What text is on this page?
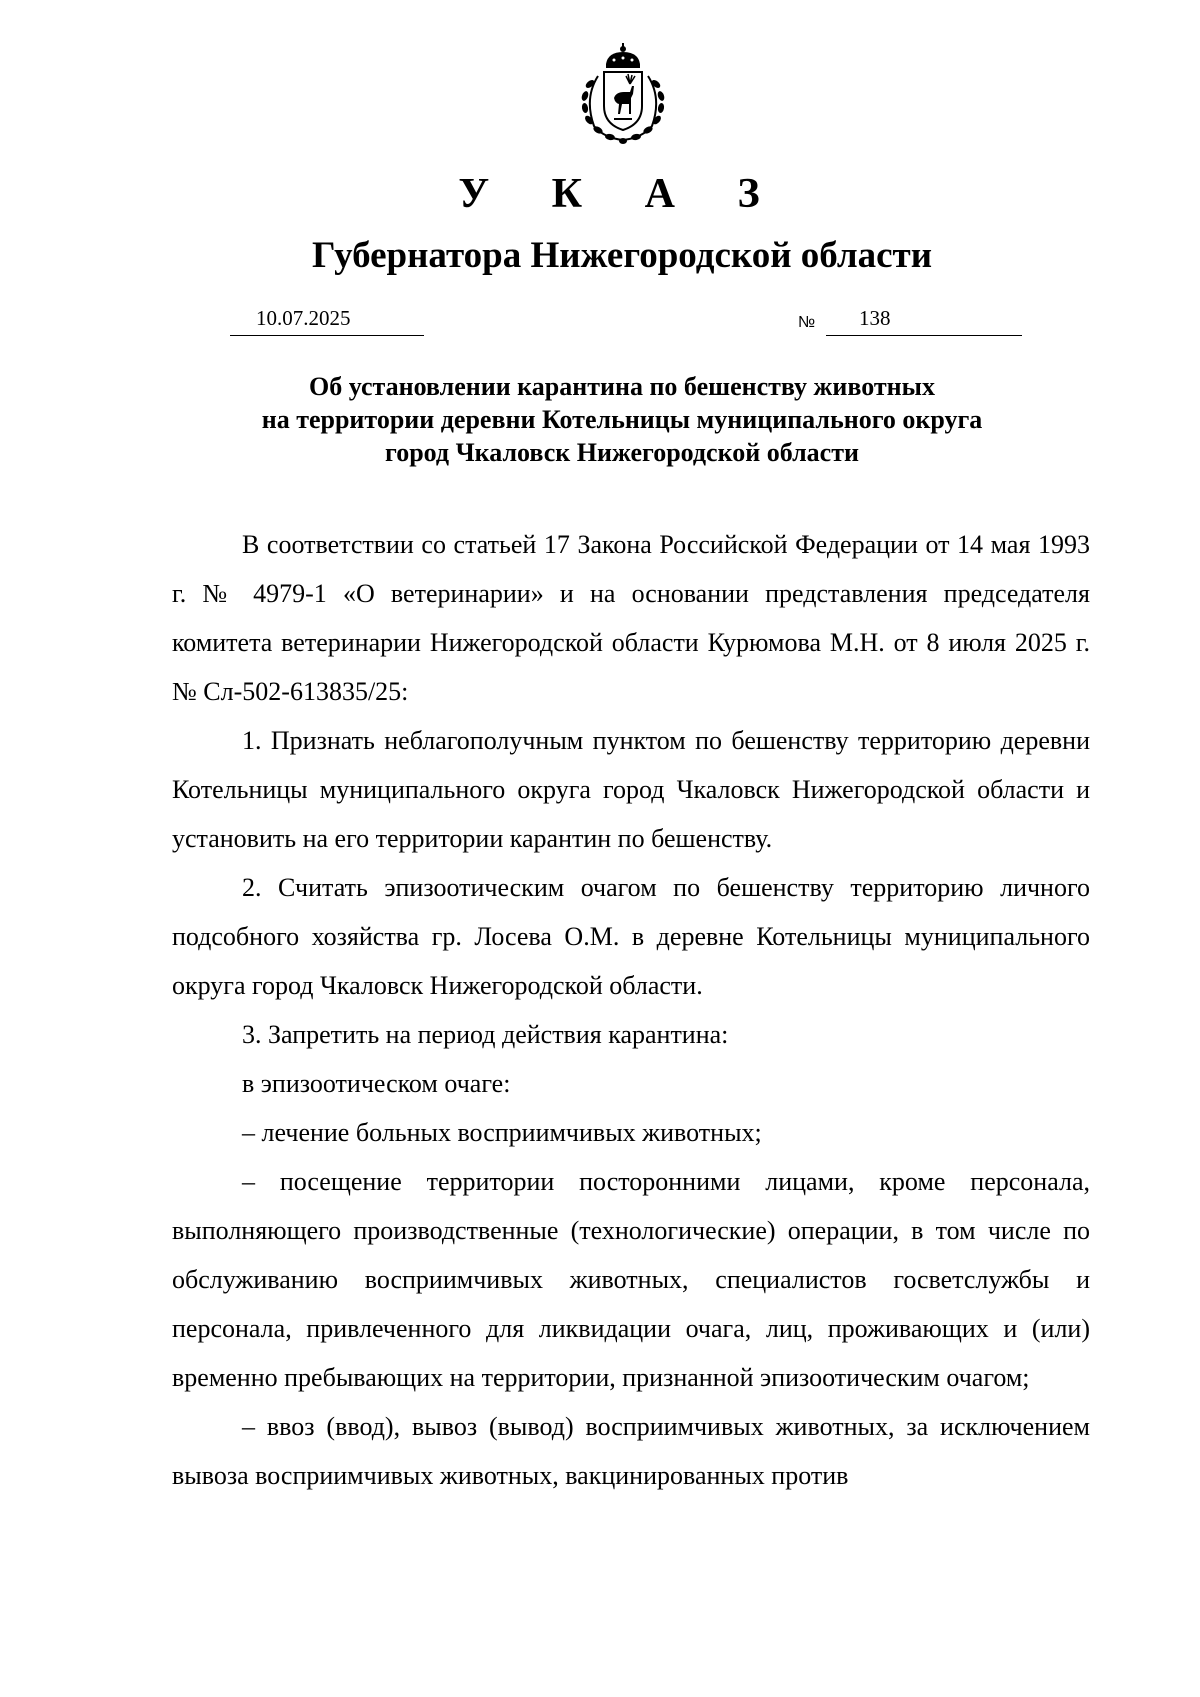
У К А З
Губернатора Нижегородской области
10.07.2025	№ 138
Об установлении карантина по бешенству животных
на территории деревни Котельницы муниципального округа
город Чкаловск Нижегородской области

В соответствии со статьей 17 Закона Российской Федерации от 14 мая 1993 г. № 4979-1 «О ветеринарии» и на основании представления председателя комитета ветеринарии Нижегородской области Курюмова М.Н. от 8 июля 2025 г. № Сл-502-613835/25:

1. Признать неблагополучным пунктом по бешенству территорию деревни Котельницы муниципального округа город Чкаловск Нижегородской области и установить на его территории карантин по бешенству.

2. Считать эпизоотическим очагом по бешенству территорию личного подсобного хозяйства гр. Лосева О.М. в деревне Котельницы муниципального округа город Чкаловск Нижегородской области.

3. Запретить на период действия карантина:

в эпизоотическом очаге:

– лечение больных восприимчивых животных;

– посещение территории посторонними лицами, кроме персонала, выполняющего производственные (технологические) операции, в том числе по обслуживанию восприимчивых животных, специалистов госветслужбы и персонала, привлеченного для ликвидации очага, лиц, проживающих и (или) временно пребывающих на территории, признанной эпизоотическим очагом;

– ввоз (ввод), вывоз (вывод) восприимчивых животных, за исключением вывоза восприимчивых животных, вакцинированных против
